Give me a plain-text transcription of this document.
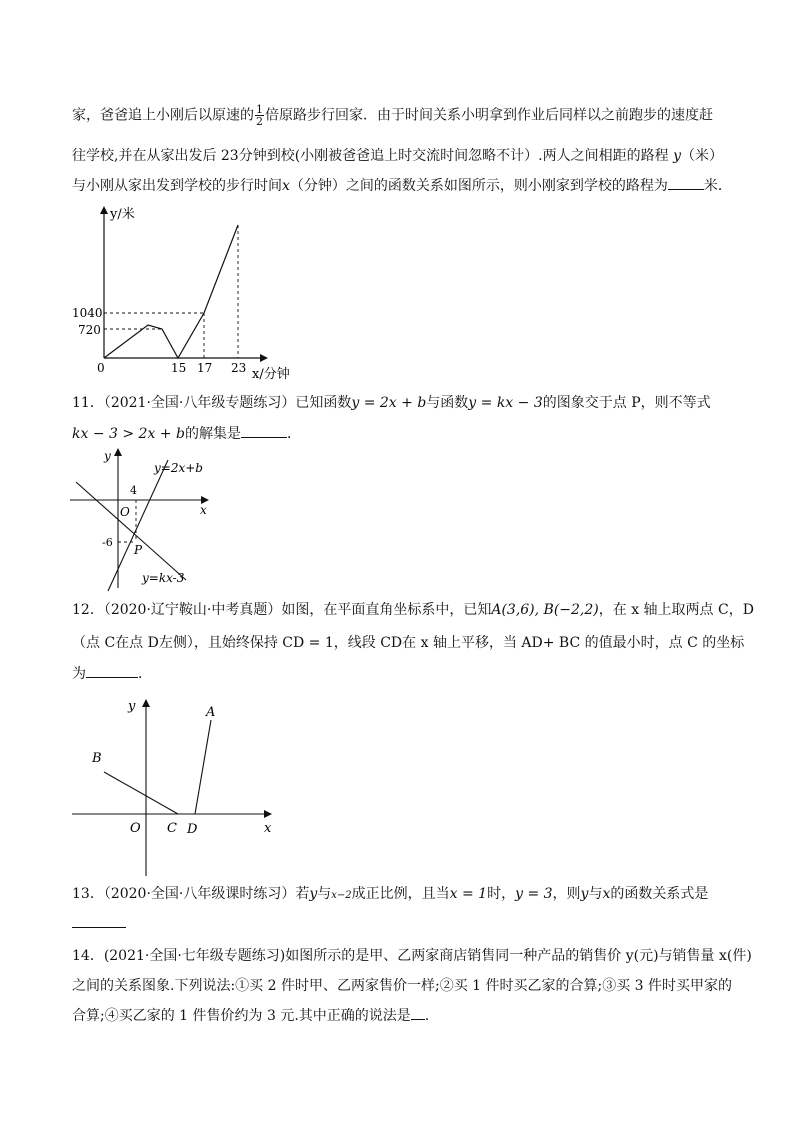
家，爸爸追上小刚后以原速的 $\frac{1}{2}$ 倍原路步行回家．由于时间关系小明拿到作业后同样以之前跑步的速度赶
往学校,并在从家出发后 23分钟到校(小刚被爸爸追上时交流时间忽略不计）.两人之间相距的路程 y（米）
与小刚从家出发到学校的步行时间x（分钟）之间的函数关系如图所示，则小刚家到学校的路程为	米．
y/米
x/分钟
0
1040
720
15 17 23
11．（2021·全国·八年级专题练习）已知函数y = 2x + b与函数y = kx − 3的图象交于点 P，则不等式
kx − 3 > 2x + b的解集是	．
y
x
O
4
-6
P
y=2x+b
y=kx-3
12．（2020·辽宁鞍山·中考真题）如图，在平面直角坐标系中，已知A(3,6), B(−2,2)，在 x 轴上取两点 C，D
（点 C在点 D左侧），且始终保持 CD = 1，线段 CD在 x 轴上平移，当 AD+ BC 的值最小时，点 C 的坐标
为	．
y
x
O
A
B
C D
13．（2020·全国·八年级课时练习）若y与x−2成正比例，且当x = 1时，y = 3，则y与x的函数关系式是
14．(2021·全国·七年级专题练习)如图所示的是甲、乙两家商店销售同一种产品的销售价 y(元)与销售量 x(件)
之间的关系图象.下列说法:①买 2 件时甲、乙两家售价一样;②买 1 件时买乙家的合算;③买 3 件时买甲家的
合算;④买乙家的 1 件售价约为 3 元.其中正确的说法是 .
